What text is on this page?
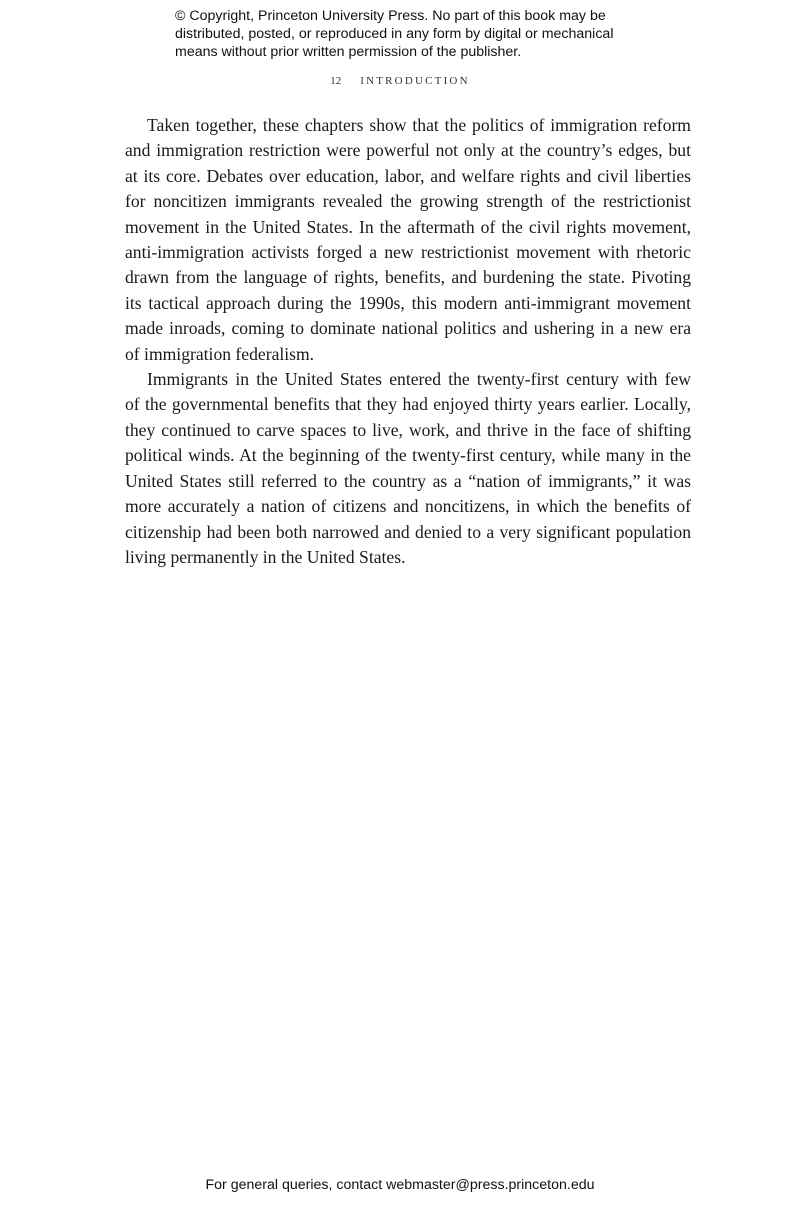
© Copyright, Princeton University Press. No part of this book may be
distributed, posted, or reproduced in any form by digital or mechanical
means without prior written permission of the publisher.
12 INTRODUCTION

Taken together, these chapters show that the politics of immigration reform
and immigration restriction were powerful not only at the country’s edges, but
at its core. Debates over education, labor, and welfare rights and civil liberties
for noncitizen immigrants revealed the growing strength of the restrictionist
movement in the United States. In the aftermath of the civil rights movement,
anti-immigration activists forged a new restrictionist movement with rhetoric
drawn from the language of rights, benefits, and burdening the state. Pivoting
its tactical approach during the 1990s, this modern anti-immigrant movement
made inroads, coming to dominate national politics and ushering in a new era
of immigration federalism.

Immigrants in the United States entered the twenty-first century with few
of the governmental benefits that they had enjoyed thirty years earlier. Locally,
they continued to carve spaces to live, work, and thrive in the face of shifting
political winds. At the beginning of the twenty-first century, while many in the
United States still referred to the country as a “nation of immigrants,” it was
more accurately a nation of citizens and noncitizens, in which the benefits of
citizenship had been both narrowed and denied to a very significant population
living permanently in the United States.

For general queries, contact webmaster@press.princeton.edu
